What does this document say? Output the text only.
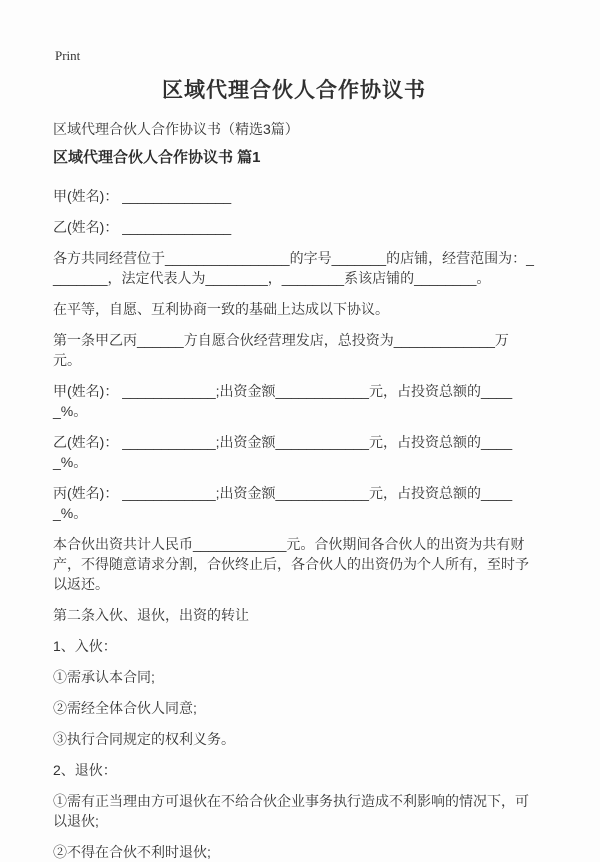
Print
区域代理合伙人合作协议书
区域代理合伙人合作协议书（精选3篇）
区域代理合伙人合作协议书 篇1

甲(姓名)： ______________

乙(姓名)： ______________

各方共同经营位于________________的字号_______的店铺，经营范围为：________，法定代表人为________，________系该店铺的________。

在平等，自愿、互利协商一致的基础上达成以下协议。

第一条甲乙丙______方自愿合伙经营理发店，总投资为_____________万元。

甲(姓名)： ____________;出资金额____________元，占投资总额的_____%。

乙(姓名)： ____________;出资金额____________元，占投资总额的_____%。

丙(姓名)： ____________;出资金额____________元，占投资总额的_____%。

本合伙出资共计人民币____________元。合伙期间各合伙人的出资为共有财产，不得随意请求分割，合伙终止后，各合伙人的出资仍为个人所有，至时予以返还。

第二条入伙、退伙，出资的转让

1、入伙：

①需承认本合同;

②需经全体合伙人同意;

③执行合同规定的权利义务。

2、退伙：

①需有正当理由方可退伙在不给合伙企业事务执行造成不利影响的情况下，可以退伙;

②不得在合伙不利时退伙;
